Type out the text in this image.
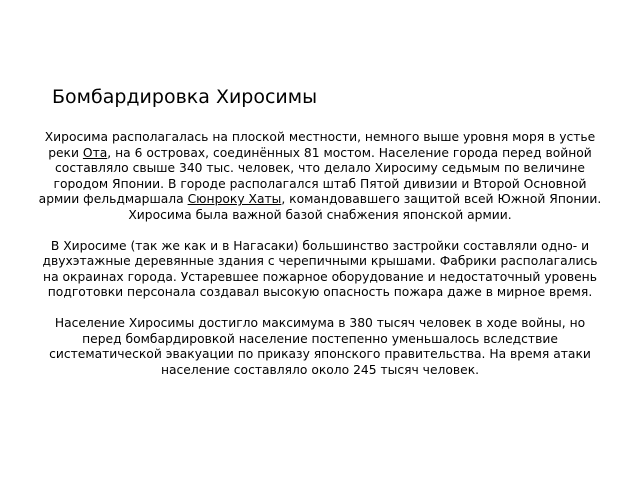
Бомбардировка Хиросимы

Хиросима располагалась на плоской местности, немного выше уровня моря в устье реки Ота, на 6 островах, соединённых 81 мостом. Население города перед войной составляло свыше 340 тыс. человек, что делало Хиросиму седьмым по величине городом Японии. В городе располагался штаб Пятой дивизии и Второй Основной армии фельдмаршала Сюнроку Хаты, командовавшего защитой всей Южной Японии. Хиросима была важной базой снабжения японской армии.

В Хиросиме (так же как и в Нагасаки) большинство застройки составляли одно- и двухэтажные деревянные здания с черепичными крышами. Фабрики располагались на окраинах города. Устаревшее пожарное оборудование и недостаточный уровень подготовки персонала создавал высокую опасность пожара даже в мирное время.

Население Хиросимы достигло максимума в 380 тысяч человек в ходе войны, но перед бомбардировкой население постепенно уменьшалось вследствие систематической эвакуации по приказу японского правительства. На время атаки население составляло около 245 тысяч человек.
